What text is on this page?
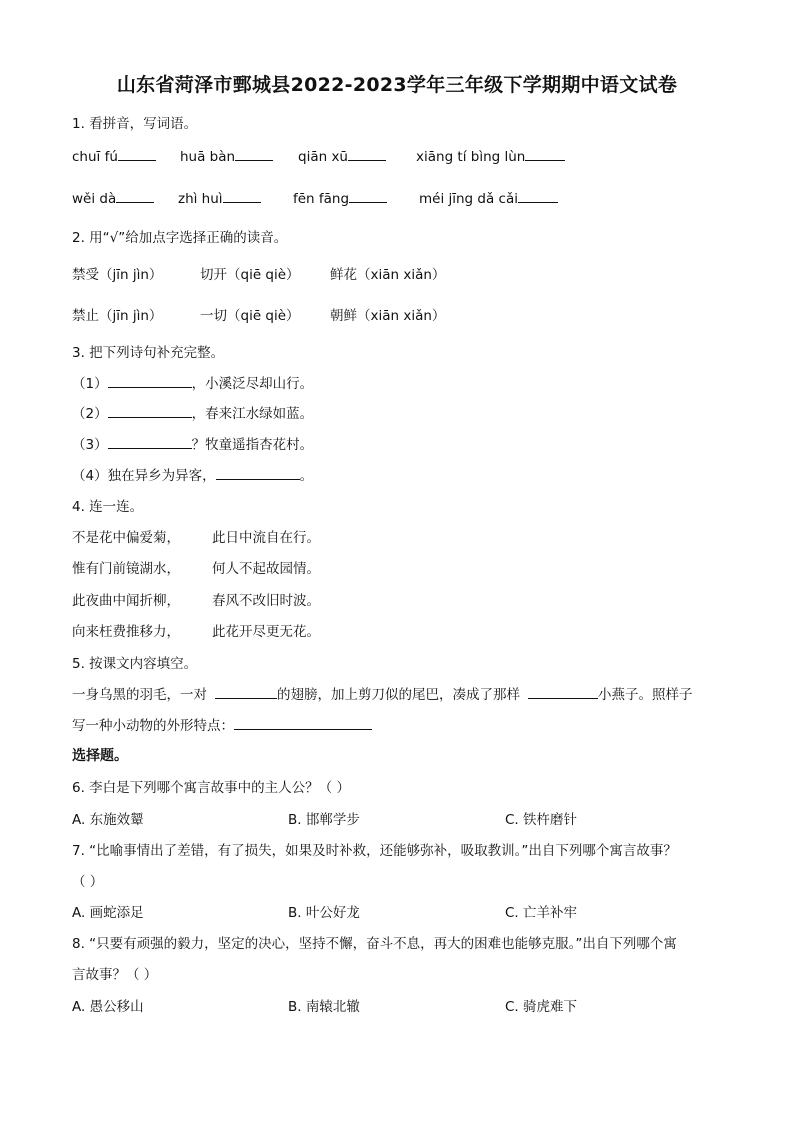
山东省菏泽市鄄城县2022-2023学年三年级下学期期中语文试卷
1. 看拼音，写词语。
chuī fú	huā bàn	qiān xū	xiāng tí bìng lùn
wěi dà	zhì huì	fēn fāng	méi jīng dǎ cǎi
2. 用“√”给加点字选择正确的读音。
禁受（jīn jìn）	切开（qiē qiè） 鲜花（xiān xiǎn）
禁止（jīn jìn）	一切（qiē qiè） 朝鲜（xiān xiǎn）
3. 把下列诗句补充完整。
（1）	，小溪泛尽却山行。
（2）	，春来江水绿如蓝。
（3）	？牧童遥指杏花村。
（4）独在异乡为异客，	。
4. 连一连。
不是花中偏爱菊， 此日中流自在行。
惟有门前镜湖水， 何人不起故园情。
此夜曲中闻折柳， 春风不改旧时波。
向来枉费推移力， 此花开尽更无花。
5. 按课文内容填空。
一身乌黑的羽毛，一对	的翅膀，加上剪刀似的尾巴，凑成了那样	小燕子。照样子
写一种小动物的外形特点：
选择题。
6. 李白是下列哪个寓言故事中的主人公？（ ）
A. 东施效颦	B. 邯郸学步	C. 铁杵磨针
7. “比喻事情出了差错，有了损失，如果及时补救，还能够弥补，吸取教训。”出自下列哪个寓言故事？
（ ）
A. 画蛇添足	B. 叶公好龙	C. 亡羊补牢
8. “只要有顽强的毅力，坚定的决心，坚持不懈，奋斗不息，再大的困难也能够克服。”出自下列哪个寓
言故事？（ ）
A. 愚公移山	B. 南辕北辙	C. 骑虎难下
